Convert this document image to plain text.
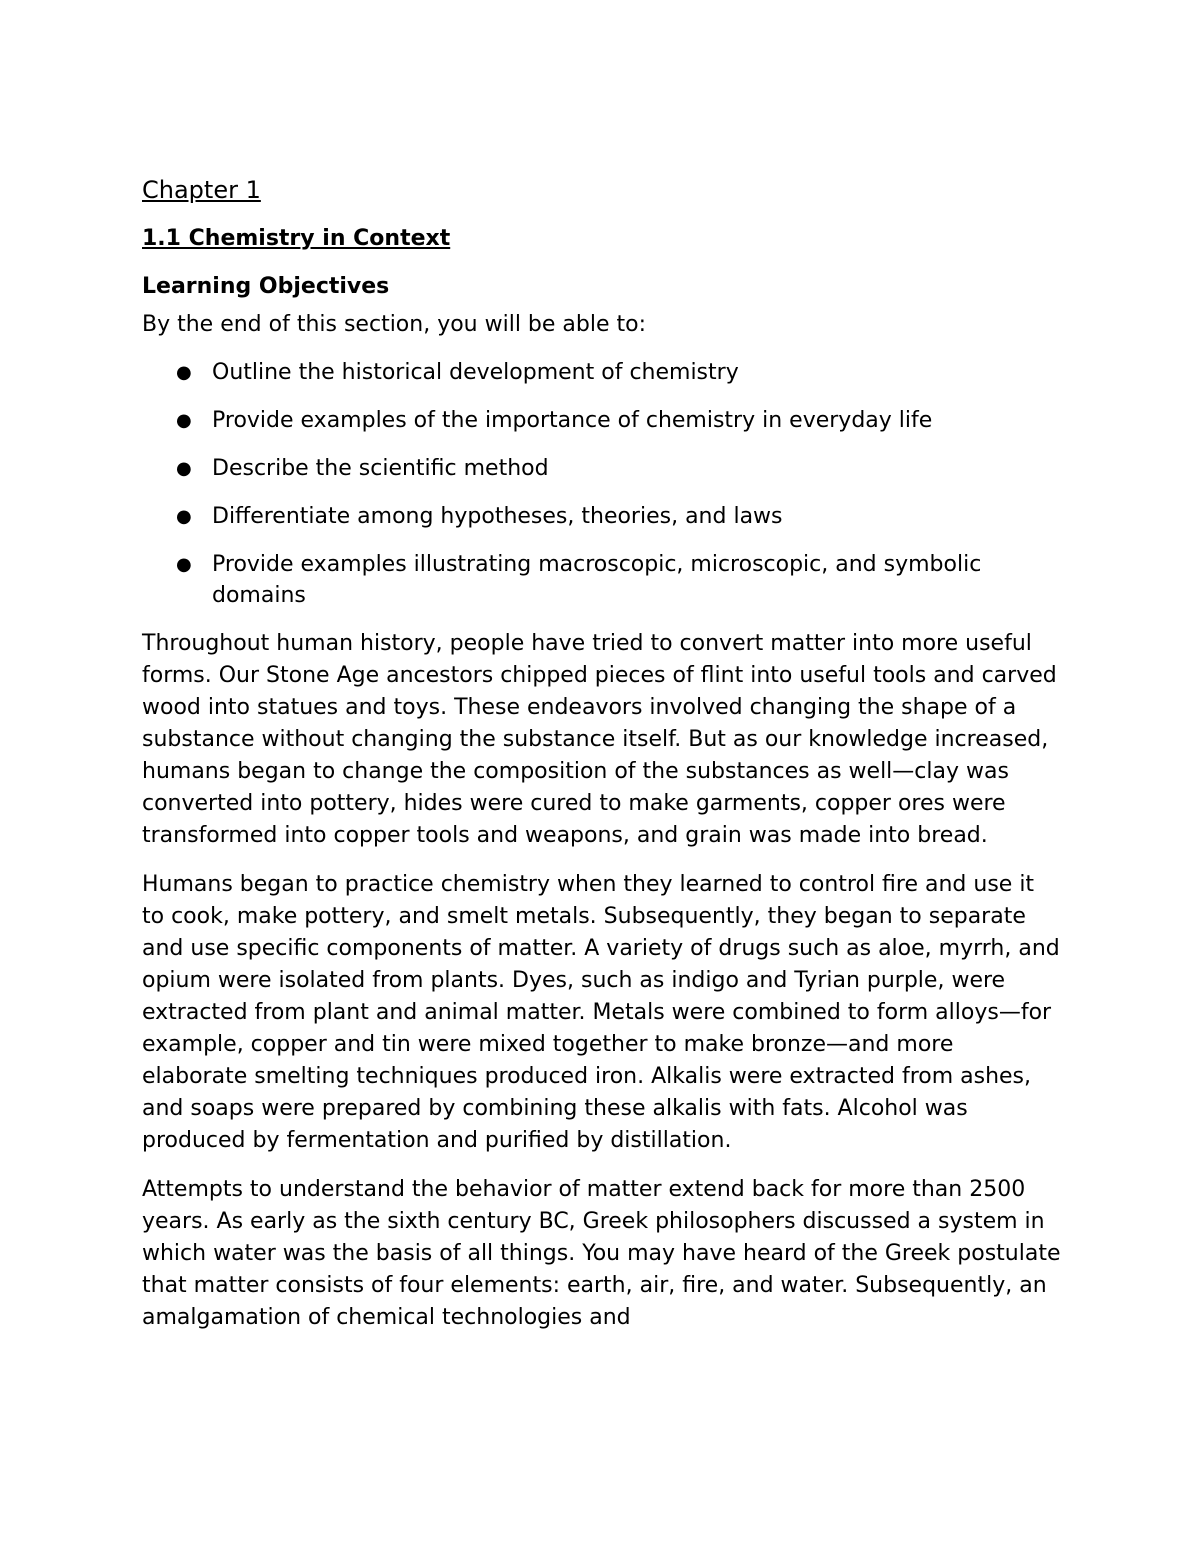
Chapter 1
1.1 Chemistry in Context
Learning Objectives
By the end of this section, you will be able to:
● Outline the historical development of chemistry
● Provide examples of the importance of chemistry in everyday life
● Describe the scientific method
● Differentiate among hypotheses, theories, and laws
● Provide examples illustrating macroscopic, microscopic, and symbolic domains

Throughout human history, people have tried to convert matter into more useful forms. Our Stone Age ancestors chipped pieces of flint into useful tools and carved wood into statues and toys. These endeavors involved changing the shape of a substance without changing the substance itself. But as our knowledge increased, humans began to change the composition of the substances as well—clay was converted into pottery, hides were cured to make garments, copper ores were transformed into copper tools and weapons, and grain was made into bread.

Humans began to practice chemistry when they learned to control fire and use it to cook, make pottery, and smelt metals. Subsequently, they began to separate and use specific components of matter. A variety of drugs such as aloe, myrrh, and opium were isolated from plants. Dyes, such as indigo and Tyrian purple, were extracted from plant and animal matter. Metals were combined to form alloys—for example, copper and tin were mixed together to make bronze—and more elaborate smelting techniques produced iron. Alkalis were extracted from ashes, and soaps were prepared by combining these alkalis with fats. Alcohol was produced by fermentation and purified by distillation.

Attempts to understand the behavior of matter extend back for more than 2500 years. As early as the sixth century BC, Greek philosophers discussed a system in which water was the basis of all things. You may have heard of the Greek postulate that matter consists of four elements: earth, air, fire, and water. Subsequently, an amalgamation of chemical technologies and
